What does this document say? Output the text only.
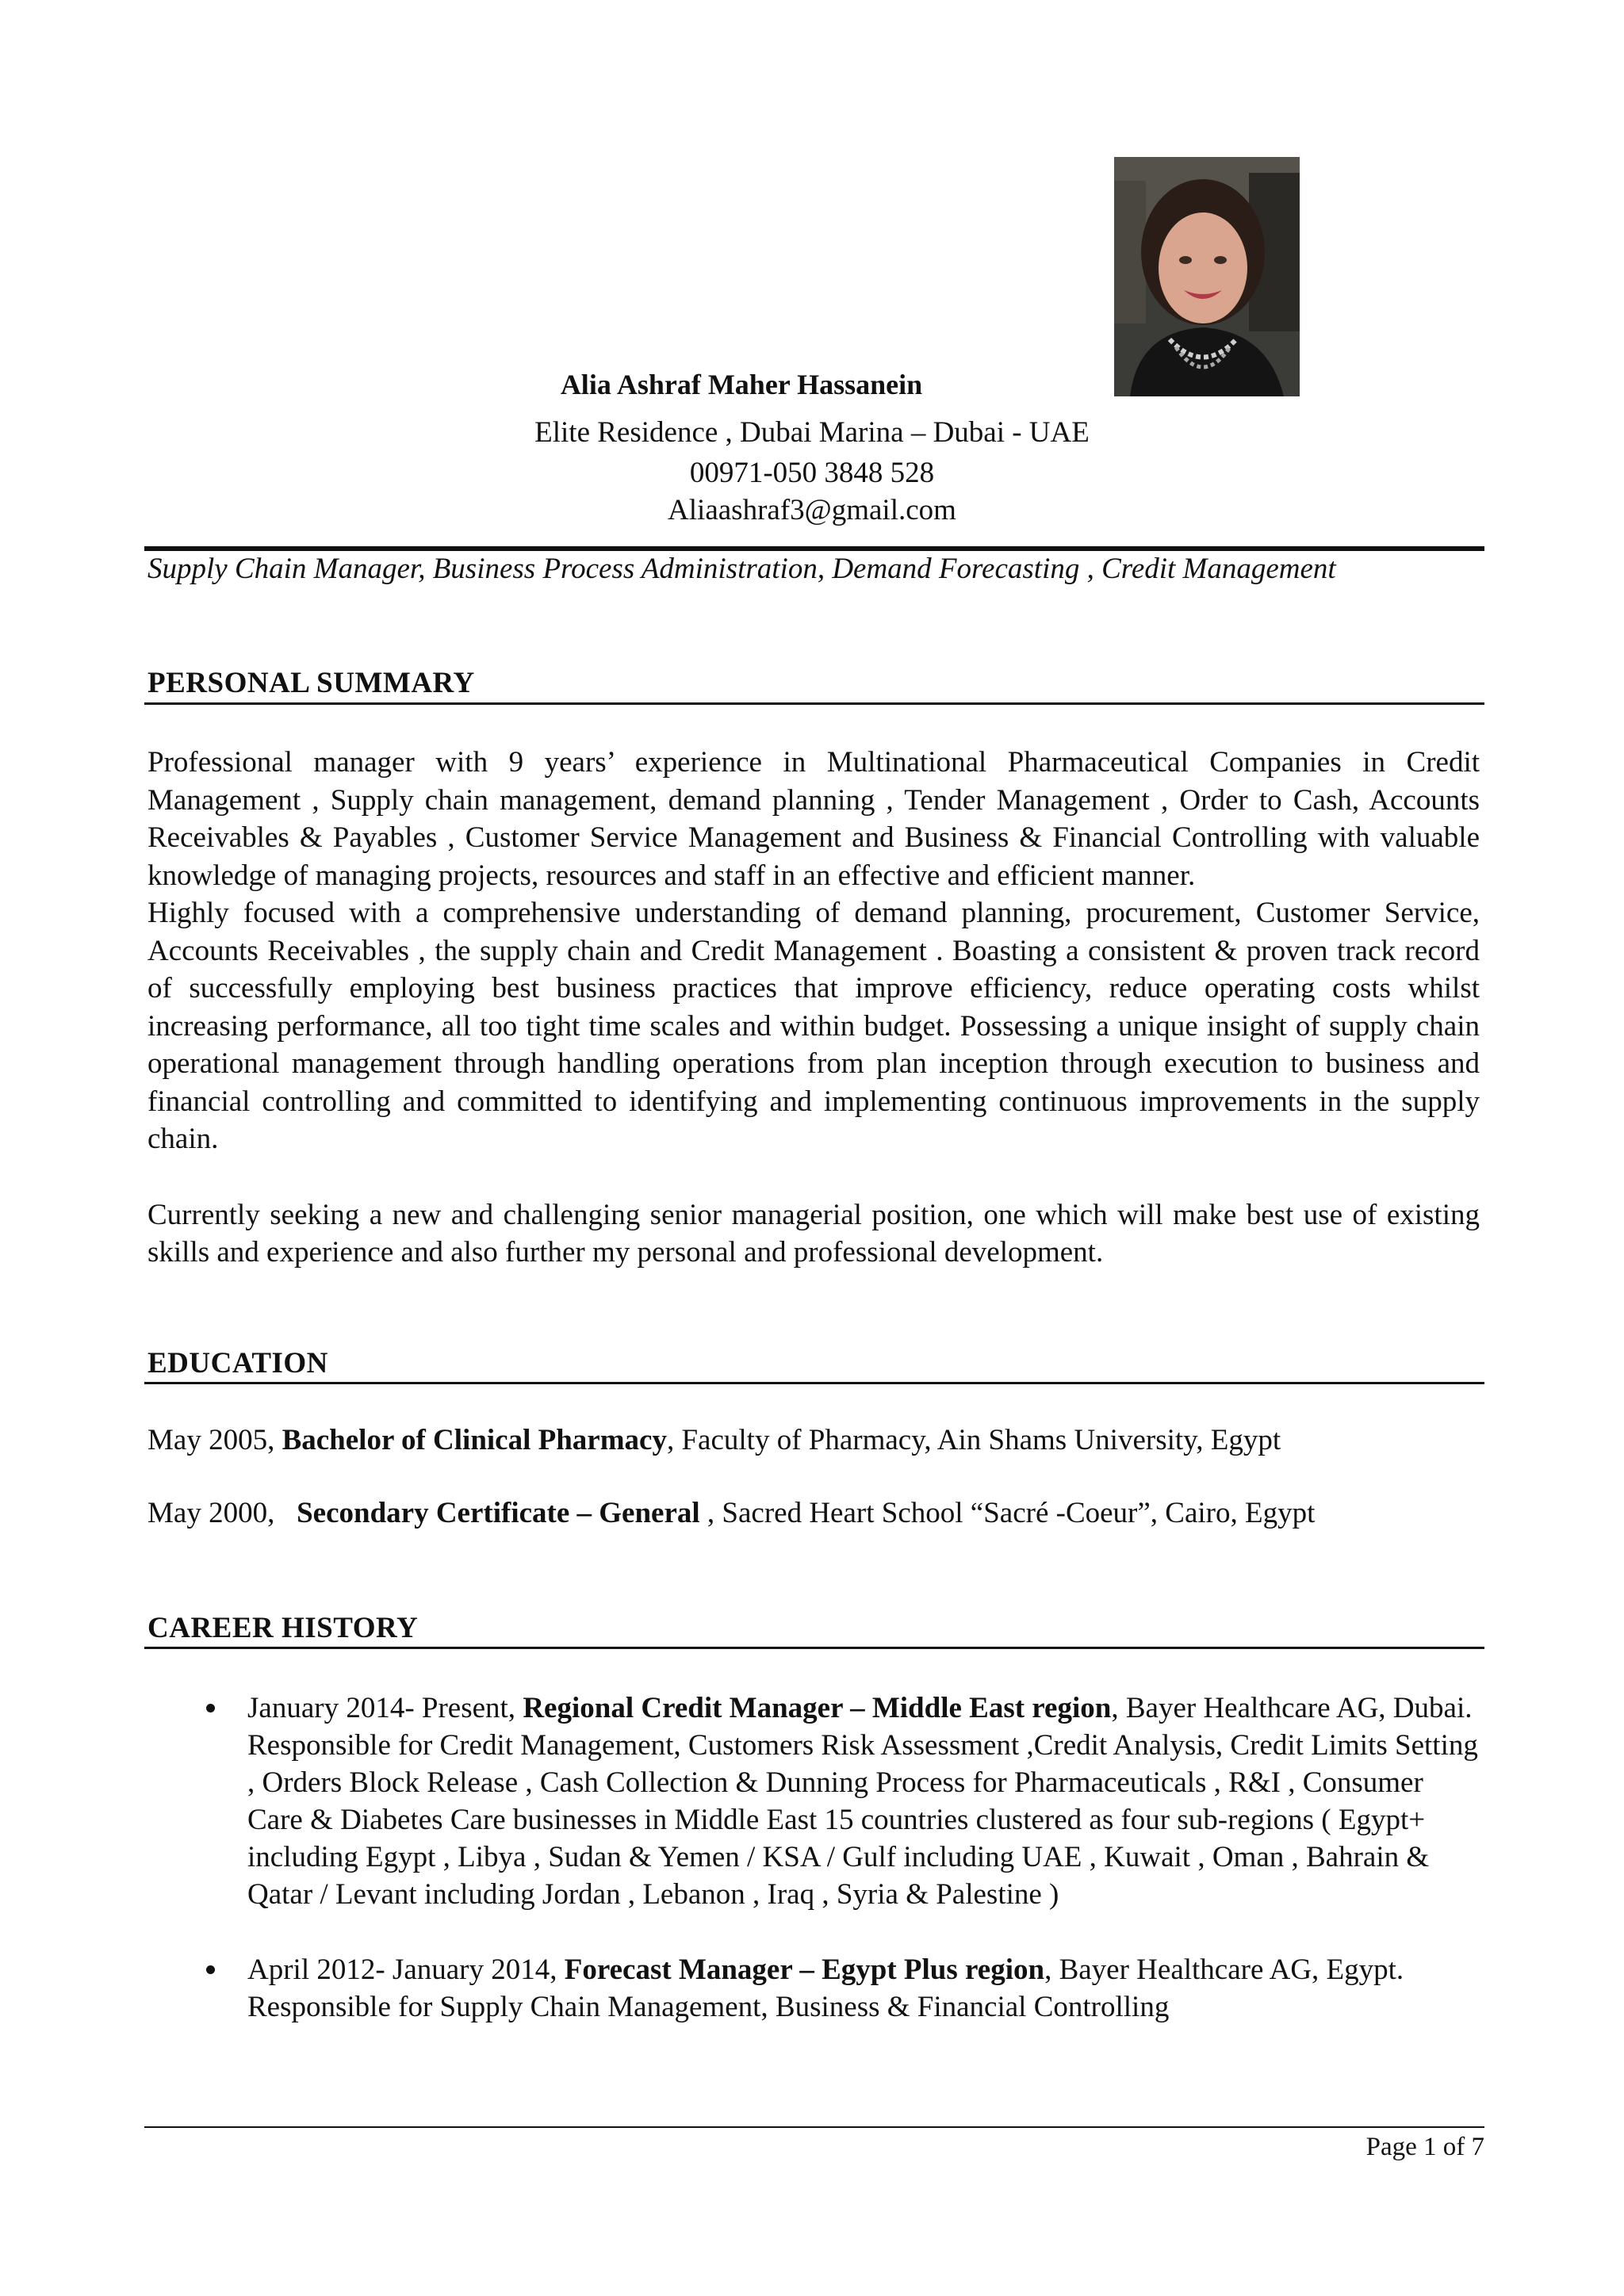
Alia Ashraf Maher Hassanein
Elite Residence , Dubai Marina – Dubai - UAE
00971-050 3848 528
Aliaashraf3@gmail.com
Supply Chain Manager, Business Process Administration, Demand Forecasting , Credit Management
PERSONAL SUMMARY

Professional manager with 9 years’ experience in Multinational Pharmaceutical Companies in Credit Management , Supply chain management, demand planning , Tender Management , Order to Cash, Accounts Receivables & Payables , Customer Service Management and Business & Financial Controlling with valuable knowledge of managing projects, resources and staff in an effective and efficient manner.

Highly focused with a comprehensive understanding of demand planning, procurement, Customer Service, Accounts Receivables , the supply chain and Credit Management . Boasting a consistent & proven track record of successfully employing best business practices that improve efficiency, reduce operating costs whilst increasing performance, all too tight time scales and within budget. Possessing a unique insight of supply chain operational management through handling operations from plan inception through execution to business and financial controlling and committed to identifying and implementing continuous improvements in the supply chain.

Currently seeking a new and challenging senior managerial position, one which will make best use of existing skills and experience and also further my personal and professional development.

EDUCATION
May 2005, Bachelor of Clinical Pharmacy, Faculty of Pharmacy, Ain Shams University, Egypt
May 2000, Secondary Certificate – General , Sacred Heart School “Sacré -Coeur”, Cairo, Egypt
CAREER HISTORY
January 2014- Present, Regional Credit Manager – Middle East region, Bayer Healthcare AG, Dubai. Responsible for Credit Management, Customers Risk Assessment ,Credit Analysis, Credit Limits Setting , Orders Block Release , Cash Collection & Dunning Process for Pharmaceuticals , R&I , Consumer Care & Diabetes Care businesses in Middle East 15 countries clustered as four sub-regions ( Egypt+ including Egypt , Libya , Sudan & Yemen / KSA / Gulf including UAE , Kuwait , Oman , Bahrain & Qatar / Levant including Jordan , Lebanon , Iraq , Syria & Palestine )
April 2012- January 2014, Forecast Manager – Egypt Plus region, Bayer Healthcare AG, Egypt. Responsible for Supply Chain Management, Business & Financial Controlling
Page 1 of 7
